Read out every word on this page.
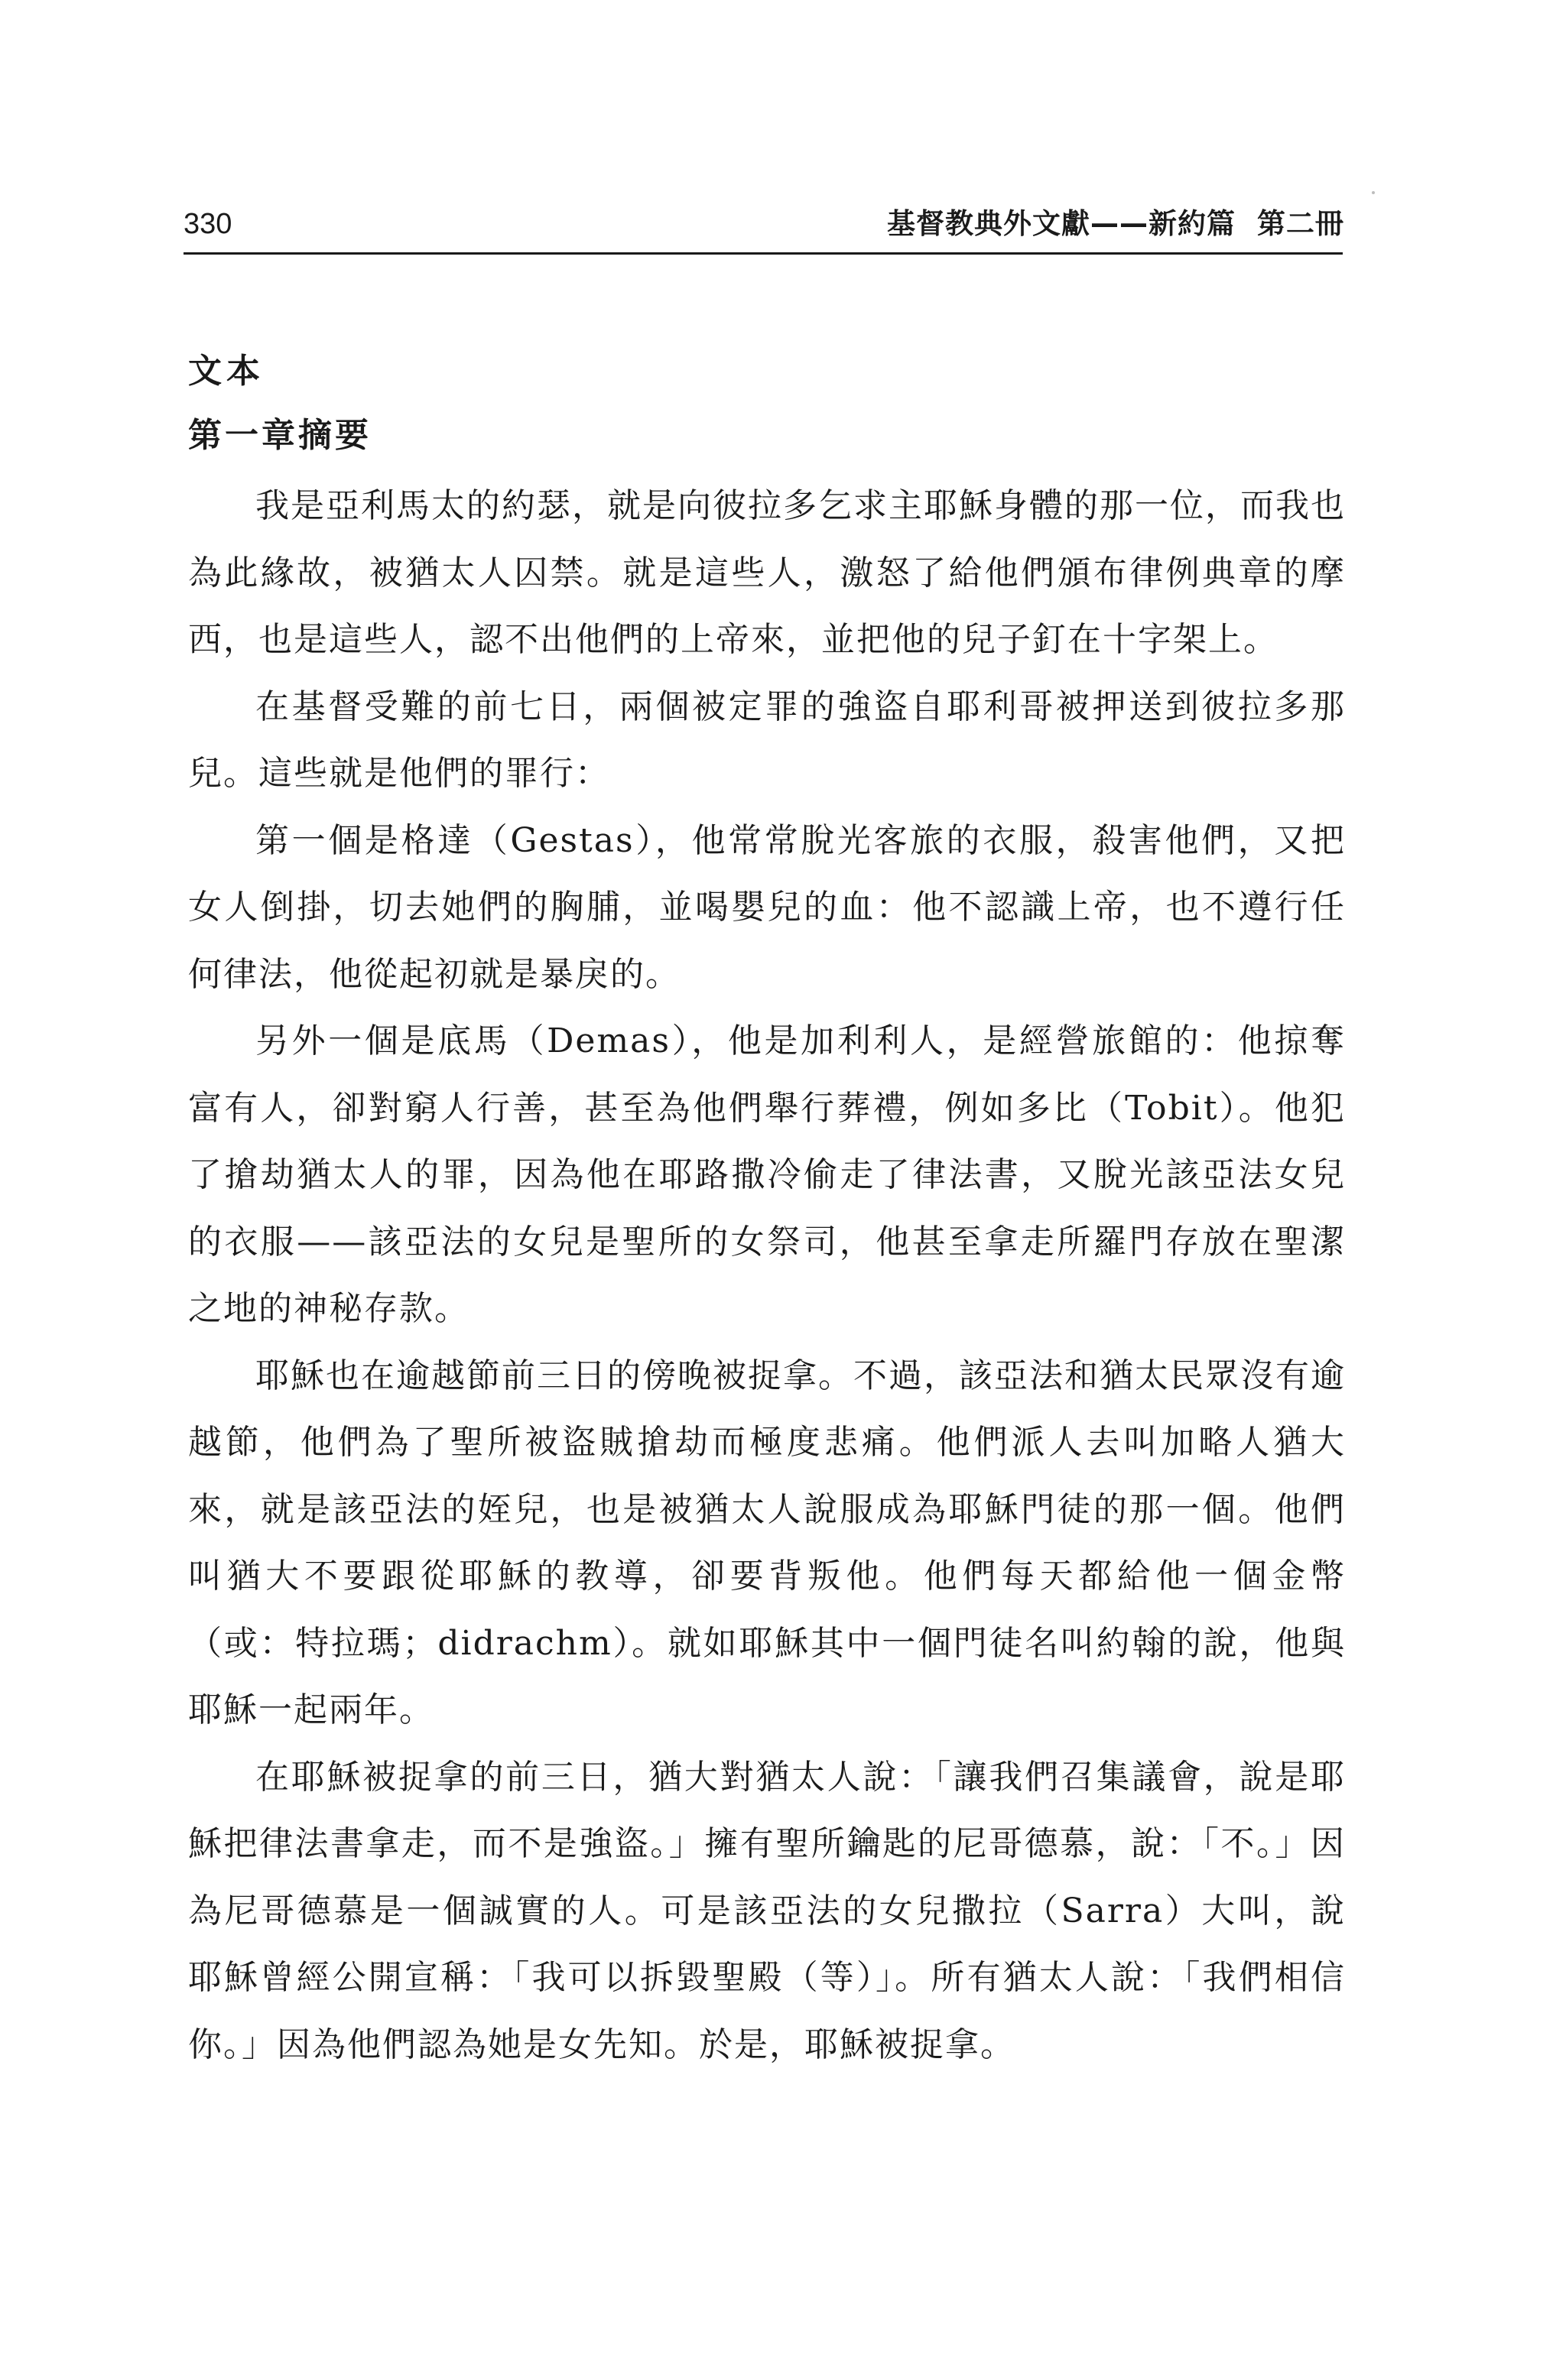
330	基督教典外文獻——新約篇 第二冊
文本
第一章摘要

我是亞利馬太的約瑟，就是向彼拉多乞求主耶穌身體的那一位，而我也為此緣故，被猶太人囚禁。就是這些人，激怒了給他們頒布律例典章的摩西，也是這些人，認不出他們的上帝來，並把他的兒子釘在十字架上。

在基督受難的前七日，兩個被定罪的強盜自耶利哥被押送到彼拉多那兒。這些就是他們的罪行：

第一個是格達（Gestas），他常常脫光客旅的衣服，殺害他們，又把女人倒掛，切去她們的胸脯，並喝嬰兒的血：他不認識上帝，也不遵行任何律法，他從起初就是暴戾的。

另外一個是底馬（Demas），他是加利利人，是經營旅館的：他掠奪富有人，卻對窮人行善，甚至為他們舉行葬禮，例如多比（Tobit）。他犯了搶劫猶太人的罪，因為他在耶路撒冷偷走了律法書，又脫光該亞法女兒的衣服——該亞法的女兒是聖所的女祭司，他甚至拿走所羅門存放在聖潔之地的神秘存款。

耶穌也在逾越節前三日的傍晚被捉拿。不過，該亞法和猶太民眾沒有逾越節，他們為了聖所被盜賊搶劫而極度悲痛。他們派人去叫加略人猶大來，就是該亞法的姪兒，也是被猶太人說服成為耶穌門徒的那一個。他們叫猶大不要跟從耶穌的教導，卻要背叛他。他們每天都給他一個金幣（或：特拉瑪；didrachm）。就如耶穌其中一個門徒名叫約翰的說，他與耶穌一起兩年。

在耶穌被捉拿的前三日，猶大對猶太人說：「讓我們召集議會，說是耶穌把律法書拿走，而不是強盜。」擁有聖所鑰匙的尼哥德慕，說：「不。」因為尼哥德慕是一個誠實的人。可是該亞法的女兒撒拉（Sarra）大叫，說耶穌曾經公開宣稱：「我可以拆毀聖殿（等）」。所有猶太人說：「我們相信你。」因為他們認為她是女先知。於是，耶穌被捉拿。
